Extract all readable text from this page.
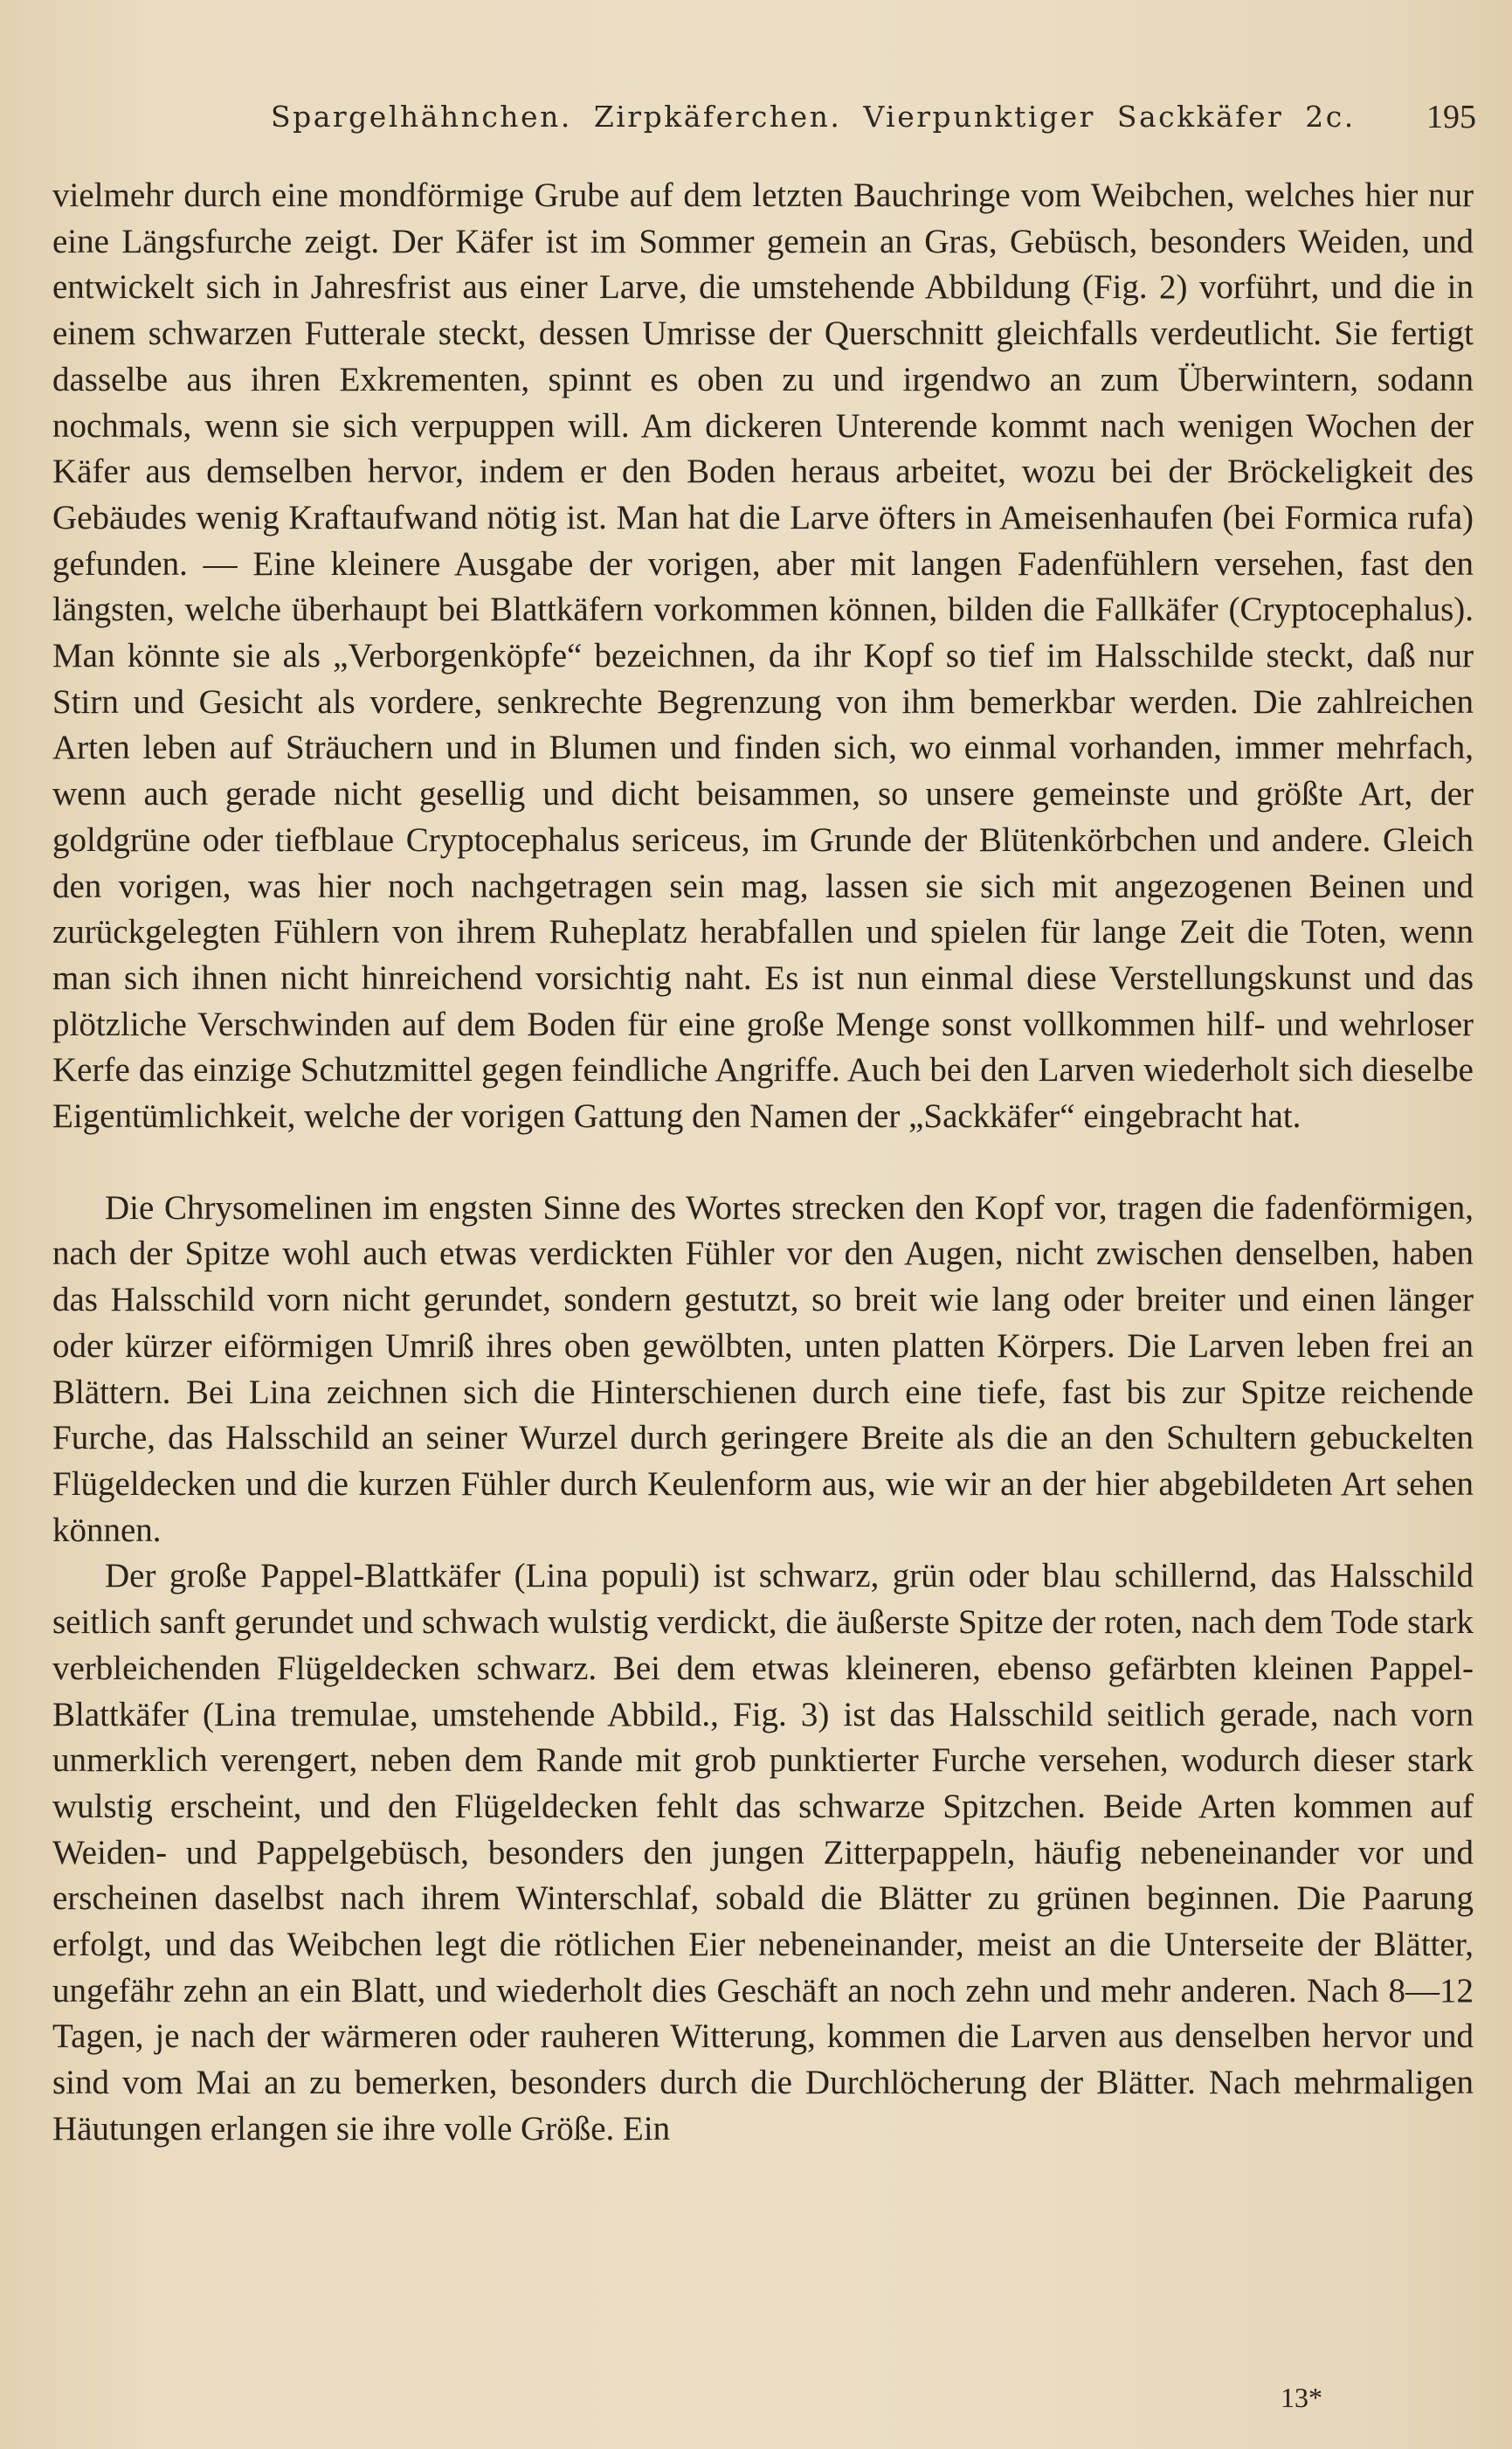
Spargelhähnchen. Zirpkäferchen. Vierpunktiger Sackkäfer 2c. 195

vielmehr durch eine mondförmige Grube auf dem letzten Bauchringe vom Weibchen, welches hier nur eine Längsfurche zeigt. Der Käfer ist im Sommer gemein an Gras, Gebüsch, besonders Weiden, und entwickelt sich in Jahresfrist aus einer Larve, die umstehende Abbildung (Fig. 2) vorführt, und die in einem schwarzen Futterale steckt, dessen Umrisse der Querschnitt gleichfalls verdeutlicht. Sie fertigt dasselbe aus ihren Exkrementen, spinnt es oben zu und irgendwo an zum Überwintern, sodann nochmals, wenn sie sich verpuppen will. Am dickeren Unterende kommt nach wenigen Wochen der Käfer aus demselben hervor, indem er den Boden heraus arbeitet, wozu bei der Bröckeligkeit des Gebäudes wenig Kraftaufwand nötig ist. Man hat die Larve öfters in Ameisenhaufen (bei Formica rufa) gefunden. — Eine kleinere Ausgabe der vorigen, aber mit langen Fadenfühlern versehen, fast den längsten, welche überhaupt bei Blattkäfern vorkommen können, bilden die Fallkäfer (Cryptocephalus). Man könnte sie als „Verborgenköpfe“ bezeichnen, da ihr Kopf so tief im Halsschilde steckt, daß nur Stirn und Gesicht als vordere, senkrechte Begrenzung von ihm bemerkbar werden. Die zahlreichen Arten leben auf Sträuchern und in Blumen und finden sich, wo einmal vorhanden, immer mehrfach, wenn auch gerade nicht gesellig und dicht beisammen, so unsere gemeinste und größte Art, der goldgrüne oder tiefblaue Cryptocephalus sericeus, im Grunde der Blütenkörbchen und andere. Gleich den vorigen, was hier noch nachgetragen sein mag, lassen sie sich mit angezogenen Beinen und zurückgelegten Fühlern von ihrem Ruheplatz herabfallen und spielen für lange Zeit die Toten, wenn man sich ihnen nicht hinreichend vorsichtig naht. Es ist nun einmal diese Verstellungskunst und das plötzliche Verschwinden auf dem Boden für eine große Menge sonst vollkommen hilf- und wehrloser Kerfe das einzige Schutzmittel gegen feindliche Angriffe. Auch bei den Larven wiederholt sich dieselbe Eigentümlichkeit, welche der vorigen Gattung den Namen der „Sackkäfer“ eingebracht hat.

Die Chrysomelinen im engsten Sinne des Wortes strecken den Kopf vor, tragen die fadenförmigen, nach der Spitze wohl auch etwas verdickten Fühler vor den Augen, nicht zwischen denselben, haben das Halsschild vorn nicht gerundet, sondern gestutzt, so breit wie lang oder breiter und einen länger oder kürzer eiförmigen Umriß ihres oben gewölbten, unten platten Körpers. Die Larven leben frei an Blättern. Bei Lina zeichnen sich die Hinterschienen durch eine tiefe, fast bis zur Spitze reichende Furche, das Halsschild an seiner Wurzel durch geringere Breite als die an den Schultern gebuckelten Flügeldecken und die kurzen Fühler durch Keulenform aus, wie wir an der hier abgebildeten Art sehen können.

Der große Pappel-Blattkäfer (Lina populi) ist schwarz, grün oder blau schillernd, das Halsschild seitlich sanft gerundet und schwach wulstig verdickt, die äußerste Spitze der roten, nach dem Tode stark verbleichenden Flügeldecken schwarz. Bei dem etwas kleineren, ebenso gefärbten kleinen Pappel-Blattkäfer (Lina tremulae, umstehende Abbild., Fig. 3) ist das Halsschild seitlich gerade, nach vorn unmerklich verengert, neben dem Rande mit grob punktierter Furche versehen, wodurch dieser stark wulstig erscheint, und den Flügeldecken fehlt das schwarze Spitzchen. Beide Arten kommen auf Weiden- und Pappelgebüsch, besonders den jungen Zitterpappeln, häufig nebeneinander vor und erscheinen daselbst nach ihrem Winterschlaf, sobald die Blätter zu grünen beginnen. Die Paarung erfolgt, und das Weibchen legt die rötlichen Eier nebeneinander, meist an die Unterseite der Blätter, ungefähr zehn an ein Blatt, und wiederholt dies Geschäft an noch zehn und mehr anderen. Nach 8—12 Tagen, je nach der wärmeren oder rauheren Witterung, kommen die Larven aus denselben hervor und sind vom Mai an zu bemerken, besonders durch die Durchlöcherung der Blätter. Nach mehrmaligen Häutungen erlangen sie ihre volle Größe. Ein

13*
